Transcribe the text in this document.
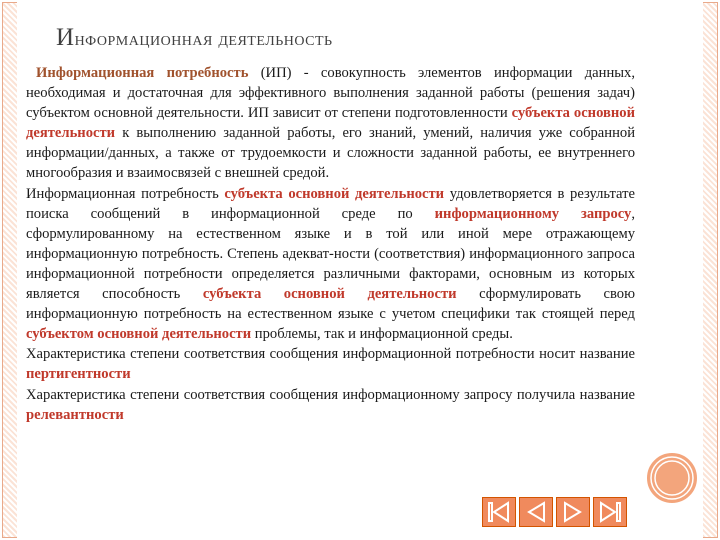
Информационная деятельность

Информационная потребность (ИП) - совокупность элементов информации данных, необходимая и достаточная для эффективного выполнения заданной работы (решения задач) субъектом основной деятельности. ИП зависит от степени подготовленности субъекта основной деятельности к выполнению заданной работы, его знаний, умений, наличия уже собранной информации/данных, а также от трудоемкости и сложности заданной работы, ее внутреннего многообразия и взаимосвязей с внешней средой.

Информационная потребность субъекта основной деятельности удовлетворяется в результате поиска сообщений в информационной среде по информационному запросу, сформулированному на естественном языке и в той или иной мере отражающему информационную потребность. Степень адекват-ности (соответствия) информационного запроса информационной потребности определяется различными факторами, основным из которых является способность субъекта основной деятельности сформулировать свою информационную потребность на естественном языке с учетом специфики так стоящей перед субъектом основной деятельности проблемы, так и информационной среды.

Характеристика степени соответствия сообщения информационной потребности носит название пертигентности

Характеристика степени соответствия сообщения информационному запросу получила название релевантности
